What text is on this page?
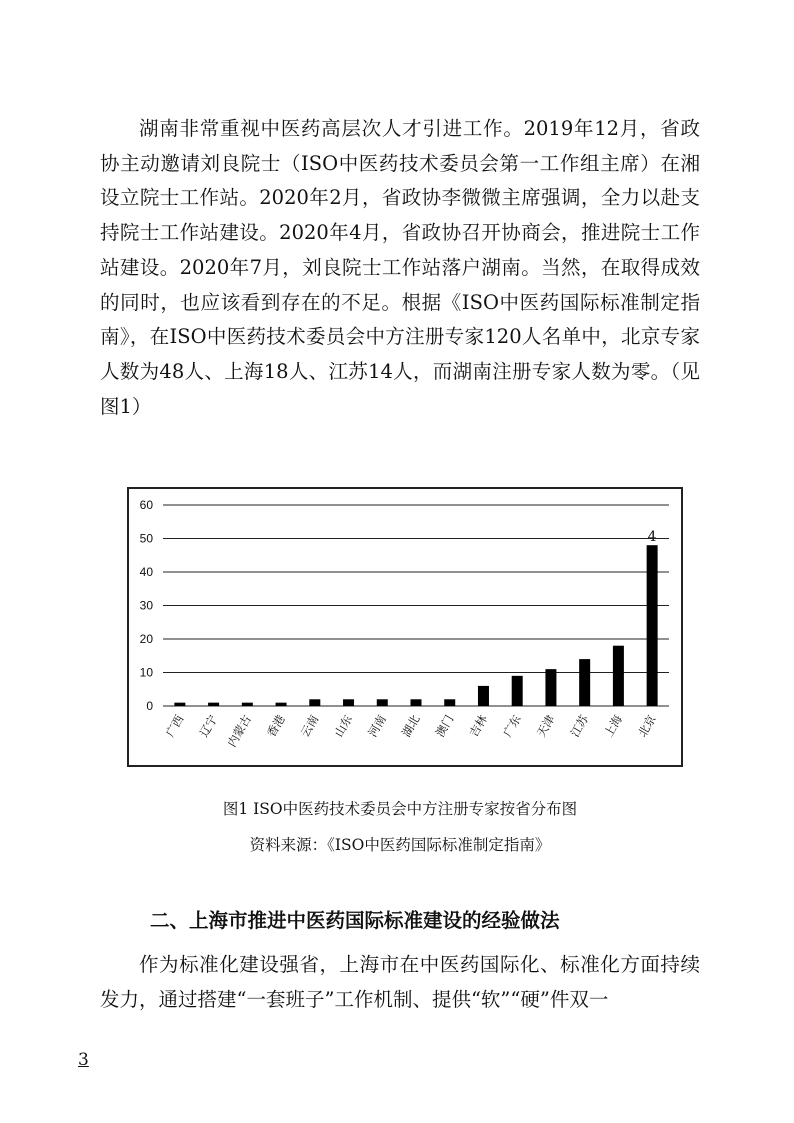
湖南非常重视中医药高层次人才引进工作。2019年12月，省政协主动邀请刘良院士（ISO中医药技术委员会第一工作组主席）在湘设立院士工作站。2020年2月，省政协李微微主席强调，全力以赴支持院士工作站建设。2020年4月，省政协召开协商会，推进院士工作站建设。2020年7月，刘良院士工作站落户湖南。当然，在取得成效的同时，也应该看到存在的不足。根据《ISO中医药国际标准制定指南》，在ISO中医药技术委员会中方注册专家120人名单中，北京专家人数为48人、上海18人、江苏14人，而湖南注册专家人数为零。（见图1）

0
10
20
30
40
50
60
广西 辽宁 内蒙古 香港 云南 山东 河南 湖北 澳门 吉林 广东 天津 江苏 上海 北京
4

图1 ISO中医药技术委员会中方注册专家按省分布图

资料来源：《ISO中医药国际标准制定指南》

二、上海市推进中医药国际标准建设的经验做法

作为标准化建设强省，上海市在中医药国际化、标准化方面持续发力，通过搭建“一套班子”工作机制、提供“软”“硬”件双一

3
